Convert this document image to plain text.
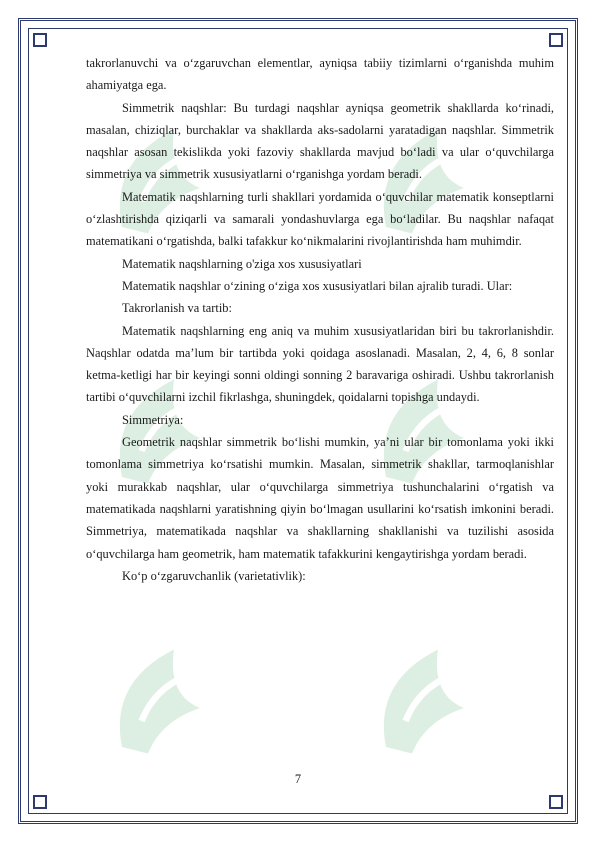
takrorlanuvchi va o‘zgaruvchan elementlar, ayniqsa tabiiy tizimlarni o‘rganishda muhim ahamiyatga ega.

Simmetrik naqshlar: Bu turdagi naqshlar ayniqsa geometrik shakllarda ko‘rinadi, masalan, chiziqlar, burchaklar va shakllarda aks-sadolarni yaratadigan naqshlar. Simmetrik naqshlar asosan tekislikda yoki fazoviy shakllarda mavjud bo‘ladi va ular o‘quvchilarga simmetriya va simmetrik xususiyatlarni o‘rganishga yordam beradi.

Matematik naqshlarning turli shakllari yordamida o‘quvchilar matematik konseptlarni o‘zlashtirishda qiziqarli va samarali yondashuvlarga ega bo‘ladilar. Bu naqshlar nafaqat matematikani o‘rgatishda, balki tafakkur ko‘nikmalarini rivojlantirishda ham muhimdir.

Matematik naqshlarning o'ziga xos xususiyatlari

Matematik naqshlar o‘zining o‘ziga xos xususiyatlari bilan ajralib turadi. Ular:

Takrorlanish va tartib:

Matematik naqshlarning eng aniq va muhim xususiyatlaridan biri bu takrorlanishdir. Naqshlar odatda ma’lum bir tartibda yoki qoidaga asoslanadi. Masalan, 2, 4, 6, 8 sonlar ketma-ketligi har bir keyingi sonni oldingi sonning 2 baravariga oshiradi. Ushbu takrorlanish tartibi o‘quvchilarni izchil fikrlashga, shuningdek, qoidalarni topishga undaydi.

Simmetriya:

Geometrik naqshlar simmetrik bo‘lishi mumkin, ya’ni ular bir tomonlama yoki ikki tomonlama simmetriya ko‘rsatishi mumkin. Masalan, simmetrik shakllar, tarmoqlanishlar yoki murakkab naqshlar, ular o‘quvchilarga simmetriya tushunchalarini o‘rgatish va matematikada naqshlarni yaratishning qiyin bo‘lmagan usullarini ko‘rsatish imkonini beradi. Simmetriya, matematikada naqshlar va shakllarning shakllanishi va tuzilishi asosida o‘quvchilarga ham geometrik, ham matematik tafakkurini kengaytirishga yordam beradi.

Ko‘p o‘zgaruvchanlik (varietativlik):

7
